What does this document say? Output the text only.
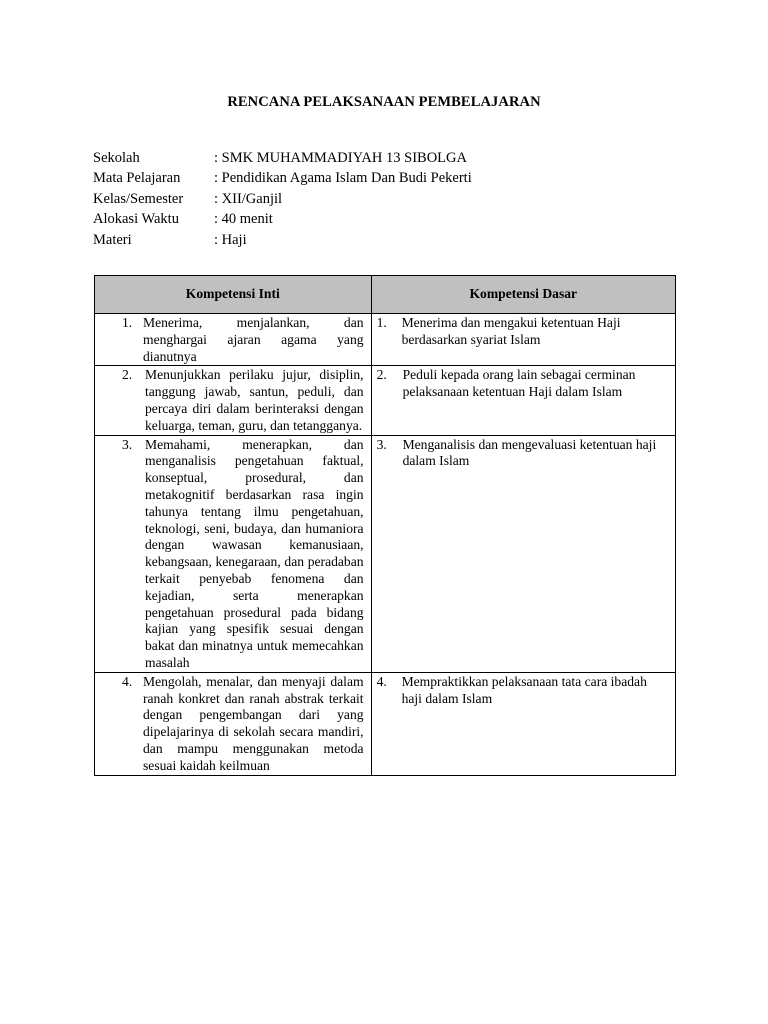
RENCANA PELAKSANAAN PEMBELAJARAN
Sekolah	: SMK MUHAMMADIYAH 13 SIBOLGA
Mata Pelajaran	: Pendidikan Agama Islam Dan Budi Pekerti
Kelas/Semester	: XII/Ganjil
Alokasi Waktu	: 40 menit
Materi	: Haji
Kompetensi Inti	Kompetensi Dasar

1. Menerima, menjalankan, dan menghargai ajaran agama yang dianutnya	1. Menerima dan mengakui ketentuan Haji berdasarkan syariat Islam

2. Menunjukkan perilaku jujur, disiplin, tanggung jawab, santun, peduli, dan percaya diri dalam berinteraksi dengan keluarga, teman, guru, dan tetangganya.	2. Peduli kepada orang lain sebagai cerminan pelaksanaan ketentuan Haji dalam Islam

3. Memahami, menerapkan, dan menganalisis pengetahuan faktual, konseptual, prosedural, dan metakognitif berdasarkan rasa ingin tahunya tentang ilmu pengetahuan, teknologi, seni, budaya, dan humaniora dengan wawasan kemanusiaan, kebangsaan, kenegaraan, dan peradaban terkait penyebab fenomena dan kejadian, serta menerapkan pengetahuan prosedural pada bidang kajian yang spesifik sesuai dengan bakat dan minatnya untuk memecahkan masalah	3. Menganalisis dan mengevaluasi ketentuan haji dalam Islam

4. Mengolah, menalar, dan menyaji dalam ranah konkret dan ranah abstrak terkait dengan pengembangan dari yang dipelajarinya di sekolah secara mandiri, dan mampu menggunakan metoda sesuai kaidah keilmuan	4. Mempraktikkan pelaksanaan tata cara ibadah haji dalam Islam
